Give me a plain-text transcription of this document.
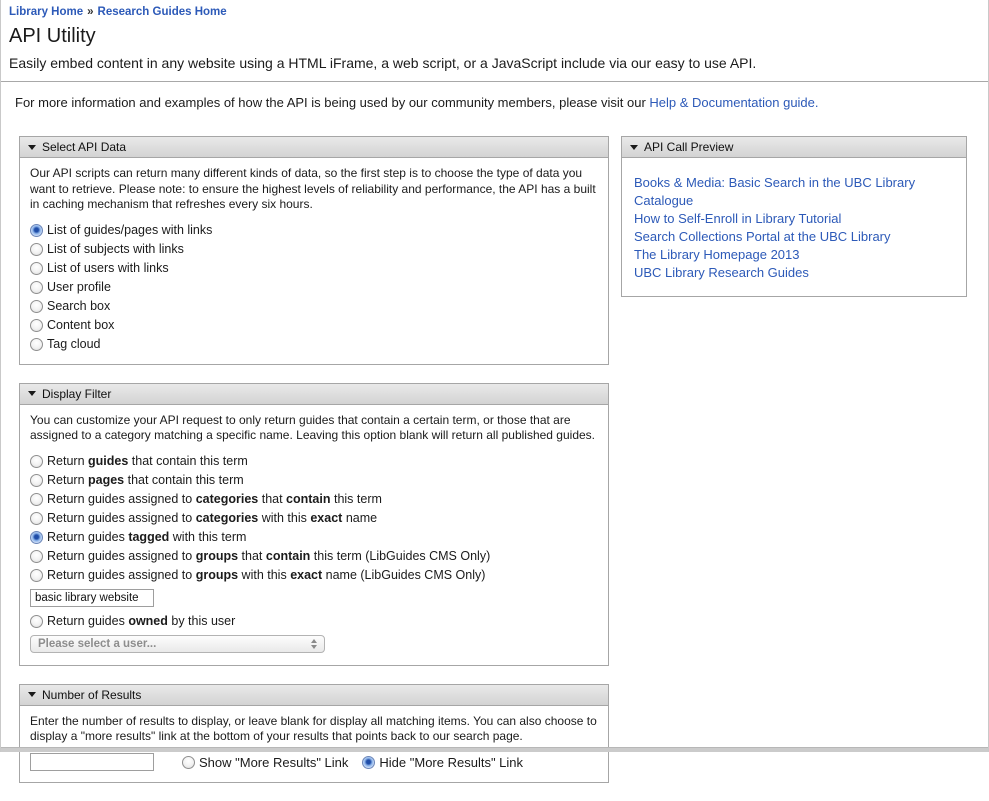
Library Home » Research Guides Home
API Utility
Easily embed content in any website using a HTML iFrame, a web script, or a JavaScript include via our easy to use API.
For more information and examples of how the API is being used by our community members, please visit our Help & Documentation guide.
Select API Data
Our API scripts can return many different kinds of data, so the first step is to choose the type of data you want to retrieve. Please note: to ensure the highest levels of reliability and performance, the API has a built in caching mechanism that refreshes every six hours.
List of guides/pages with links
List of subjects with links
List of users with links
User profile
Search box
Content box
Tag cloud
Display Filter
You can customize your API request to only return guides that contain a certain term, or those that are assigned to a category matching a specific name. Leaving this option blank will return all published guides.
Return guides that contain this term
Return pages that contain this term
Return guides assigned to categories that contain this term
Return guides assigned to categories with this exact name
Return guides tagged with this term
Return guides assigned to groups that contain this term (LibGuides CMS Only)
Return guides assigned to groups with this exact name (LibGuides CMS Only)
basic library website
Return guides owned by this user
Please select a user...
Number of Results
Enter the number of results to display, or leave blank for display all matching items. You can also choose to display a "more results" link at the bottom of your results that points back to our search page.
Show "More Results" Link Hide "More Results" Link
API Call Preview
Books & Media: Basic Search in the UBC Library Catalogue
How to Self-Enroll in Library Tutorial
Search Collections Portal at the UBC Library
The Library Homepage 2013
UBC Library Research Guides
